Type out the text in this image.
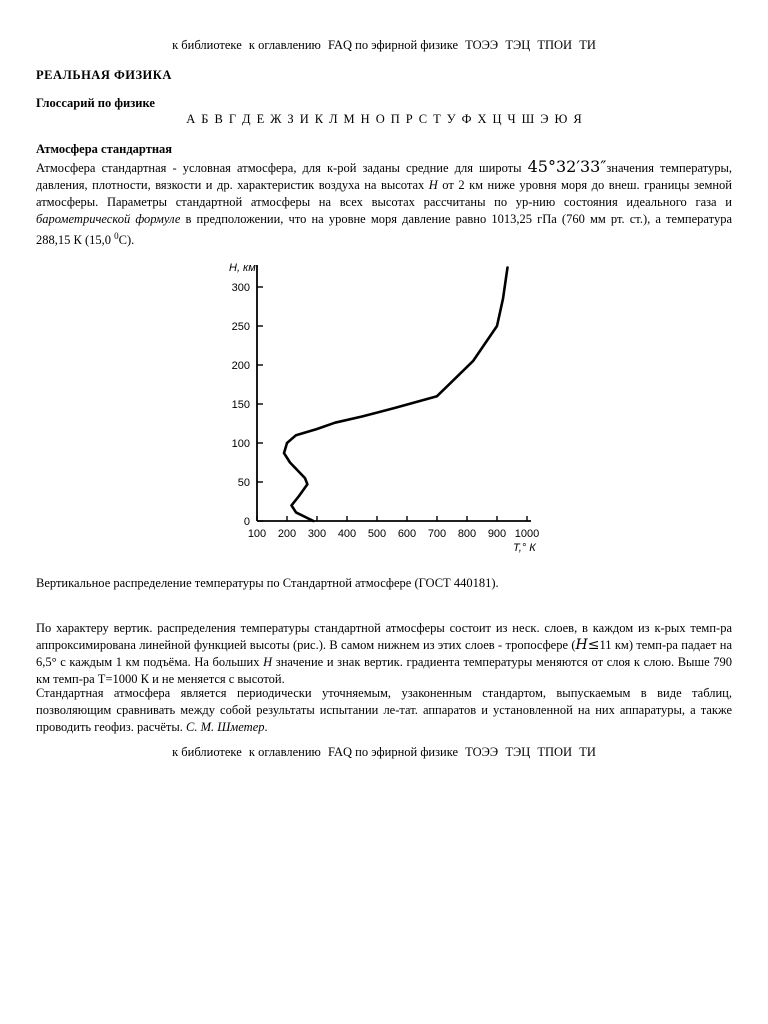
к библиотеке к оглавлению FAQ по эфирной физике ТОЭЭ ТЭЦ ТПОИ ТИ
РЕАЛЬНАЯ ФИЗИКА
Глоссарий по физике
А Б В Г Д Е Ж З И К Л М Н О П Р С Т У Ф Х Ц Ч Ш Э Ю Я
Атмосфера стандартная
Атмосфера стандартная - условная атмосфера, для к-рой заданы средние для широты 45°32′33″значения температуры, давления, плотности, вязкости и др. характеристик воздуха на высотах H от 2 км ниже уровня моря до внеш. границы земной атмосферы. Параметры стандартной атмосферы на всех высотах рассчитаны по ур-нию состояния идеального газа и барометрической формуле в предположении, что на уровне моря давление равно 1013,25 гПа (760 мм рт. ст.), а температура 288,15 К (15,0 $^0$С).
100 200 300 400 500 600 700 800 900 1000
0
50
100
150
200
250
300
H, км
T,° К
Вертикальное распределение температуры по Стандартной атмосфере (ГОСТ 440181).
По характеру вертик. распределения температуры стандартной атмосферы состоит из неск. слоев, в каждом из к-рых темп-ра аппроксимирована линейной функцией высоты (рис.). В самом нижнем из этих слоев - тропосфере (H≤11 км) темп-ра падает на 6,5° с каждым 1 км подъёма. На больших H значение и знак вертик. градиента температуры меняются от слоя к слою. Выше 790 км темп-ра Т=1000 К и не меняется с высотой.
Стандартная атмосфера является периодически уточняемым, узаконенным стандартом, выпускаемым в виде таблиц, позволяющим сравнивать между собой результаты испытании ле-тат. аппаратов и установленной на них аппаратуры, а также проводить геофиз. расчёты. С. М. Шметер.
к библиотеке к оглавлению FAQ по эфирной физике ТОЭЭ ТЭЦ ТПОИ ТИ
